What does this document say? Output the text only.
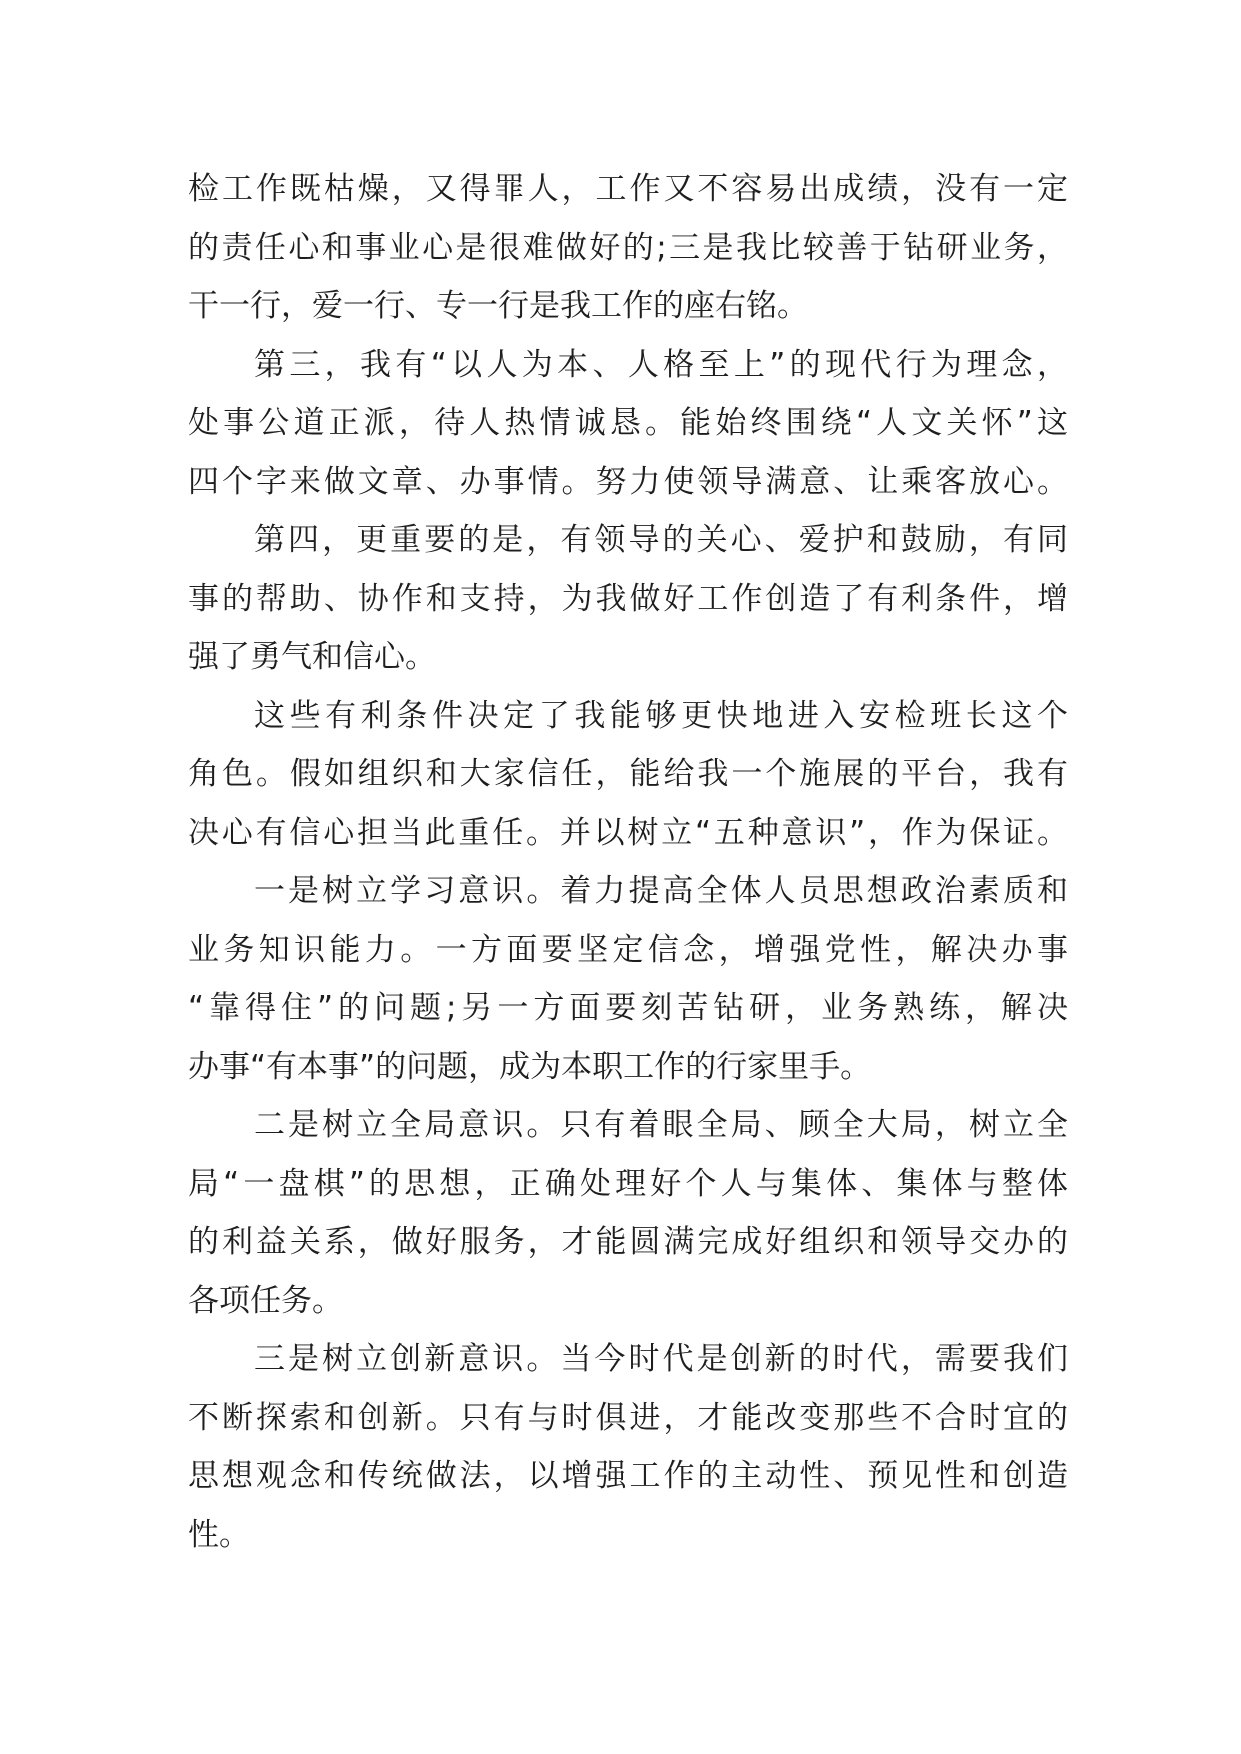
检工作既枯燥，又得罪人，工作又不容易出成绩，没有一定
的责任心和事业心是很难做好的;三是我比较善于钻研业务，
干一行，爱一行、专一行是我工作的座右铭。
第三，我有“以人为本、人格至上”的现代行为理念，
处事公道正派，待人热情诚恳。能始终围绕“人文关怀”这
四个字来做文章、办事情。努力使领导满意、让乘客放心。
第四，更重要的是，有领导的关心、爱护和鼓励，有同
事的帮助、协作和支持，为我做好工作创造了有利条件，增
强了勇气和信心。
这些有利条件决定了我能够更快地进入安检班长这个
角色。假如组织和大家信任，能给我一个施展的平台，我有
决心有信心担当此重任。并以树立“五种意识”，作为保证。
一是树立学习意识。着力提高全体人员思想政治素质和
业务知识能力。一方面要坚定信念，增强党性，解决办事
“靠得住”的问题;另一方面要刻苦钻研，业务熟练，解决
办事“有本事”的问题，成为本职工作的行家里手。
二是树立全局意识。只有着眼全局、顾全大局，树立全
局“一盘棋”的思想，正确处理好个人与集体、集体与整体
的利益关系，做好服务，才能圆满完成好组织和领导交办的
各项任务。
三是树立创新意识。当今时代是创新的时代，需要我们
不断探索和创新。只有与时俱进，才能改变那些不合时宜的
思想观念和传统做法，以增强工作的主动性、预见性和创造
性。
